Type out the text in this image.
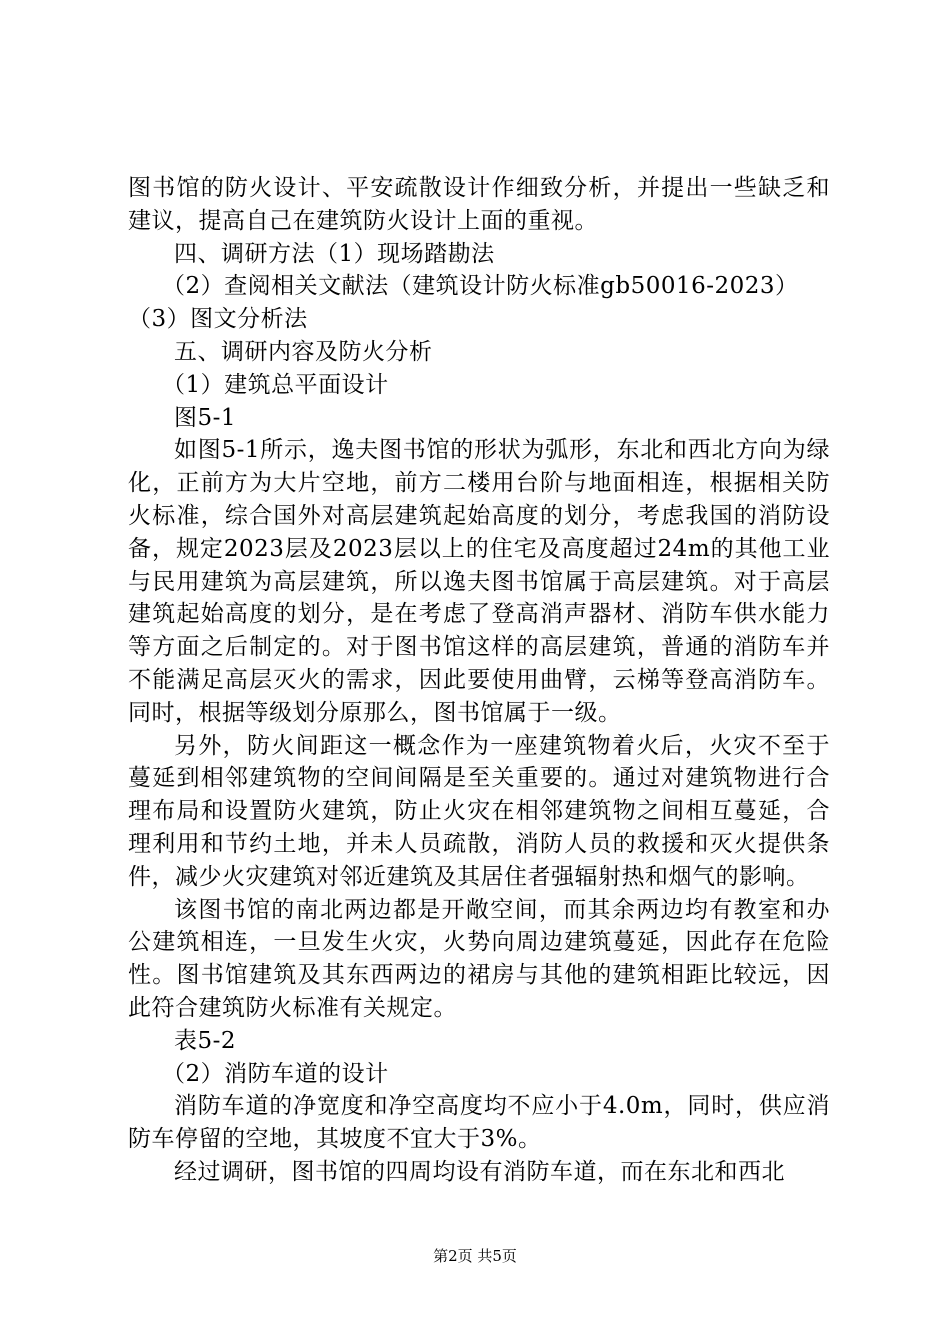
图书馆的防火设计、平安疏散设计作细致分析，并提出一些缺乏和建议，提高自己在建筑防火设计上面的重视。

四、调研方法（1）现场踏勘法

（2）查阅相关文献法（建筑设计防火标准gb50016-2023）

（3）图文分析法

五、调研内容及防火分析

（1）建筑总平面设计

图5-1

如图5-1所示，逸夫图书馆的形状为弧形，东北和西北方向为绿化，正前方为大片空地，前方二楼用台阶与地面相连，根据相关防火标准，综合国外对高层建筑起始高度的划分，考虑我国的消防设备，规定2023层及2023层以上的住宅及高度超过24m的其他工业与民用建筑为高层建筑，所以逸夫图书馆属于高层建筑。对于高层建筑起始高度的划分，是在考虑了登高消声器材、消防车供水能力等方面之后制定的。对于图书馆这样的高层建筑，普通的消防车并不能满足高层灭火的需求，因此要使用曲臂，云梯等登高消防车。同时，根据等级划分原那么，图书馆属于一级。

另外，防火间距这一概念作为一座建筑物着火后，火灾不至于蔓延到相邻建筑物的空间间隔是至关重要的。通过对建筑物进行合理布局和设置防火建筑，防止火灾在相邻建筑物之间相互蔓延，合理利用和节约土地，并未人员疏散，消防人员的救援和灭火提供条件，减少火灾建筑对邻近建筑及其居住者强辐射热和烟气的影响。

该图书馆的南北两边都是开敞空间，而其余两边均有教室和办公建筑相连，一旦发生火灾，火势向周边建筑蔓延，因此存在危险性。图书馆建筑及其东西两边的裙房与其他的建筑相距比较远，因此符合建筑防火标准有关规定。

表5-2

（2）消防车道的设计

消防车道的净宽度和净空高度均不应小于4.0m，同时，供应消防车停留的空地，其坡度不宜大于3%。

经过调研，图书馆的四周均设有消防车道，而在东北和西北

第2页 共5页
